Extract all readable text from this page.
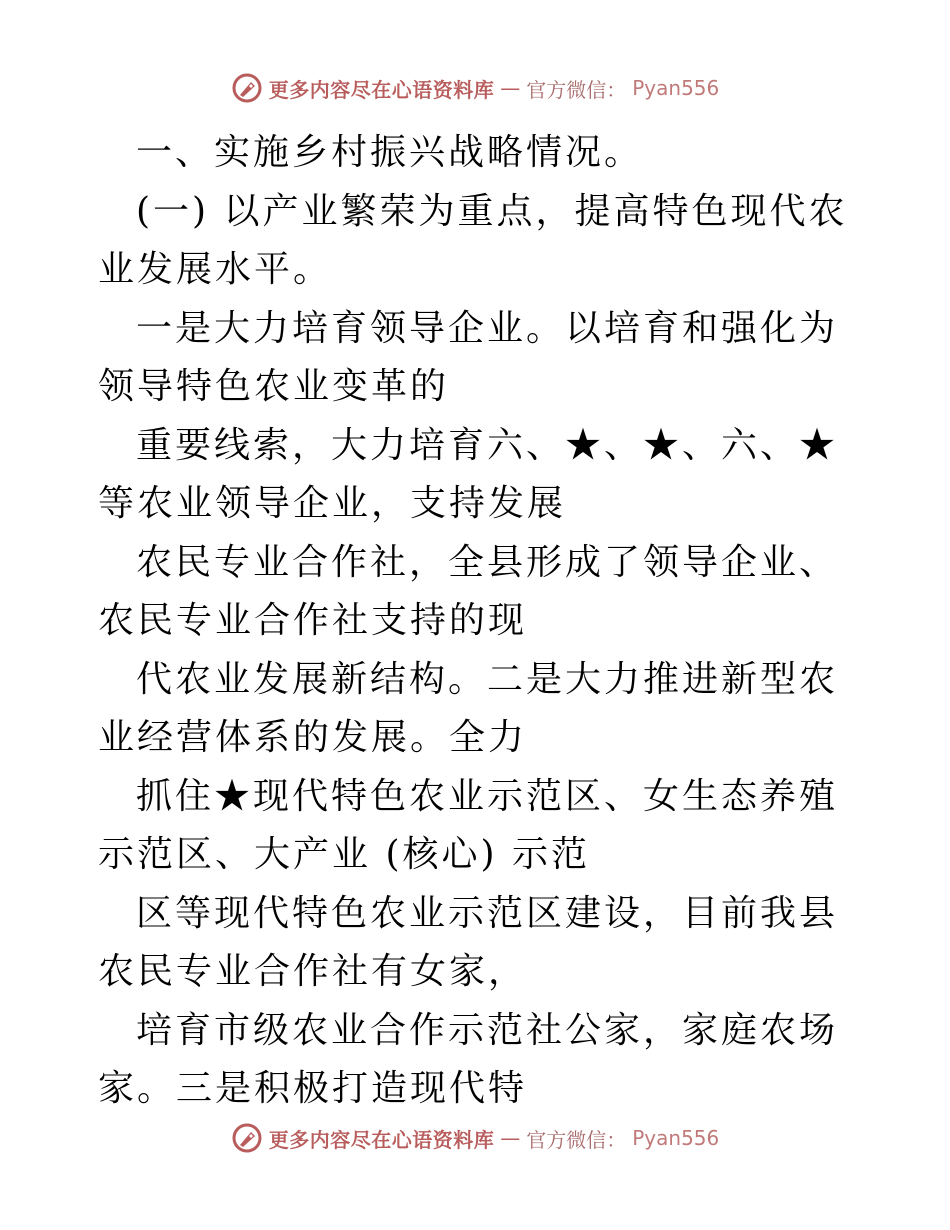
更多内容尽在心语资料库 — 官方微信： Pyan556

一、实施乡村振兴战略情况。

(一) 以产业繁荣为重点，提高特色现代农业发展水平。

一是大力培育领导企业。以培育和强化为领导特色农业变革的

重要线索，大力培育六、★、★、六、★等农业领导企业，支持发展

农民专业合作社，全县形成了领导企业、农民专业合作社支持的现

代农业发展新结构。二是大力推进新型农业经营体系的发展。全力

抓住★现代特色农业示范区、女生态养殖示范区、大产业 (核心) 示范

区等现代特色农业示范区建设，目前我县农民专业合作社有女家，

培育市级农业合作示范社公家，家庭农场家。三是积极打造现代特

更多内容尽在心语资料库 — 官方微信： Pyan556
